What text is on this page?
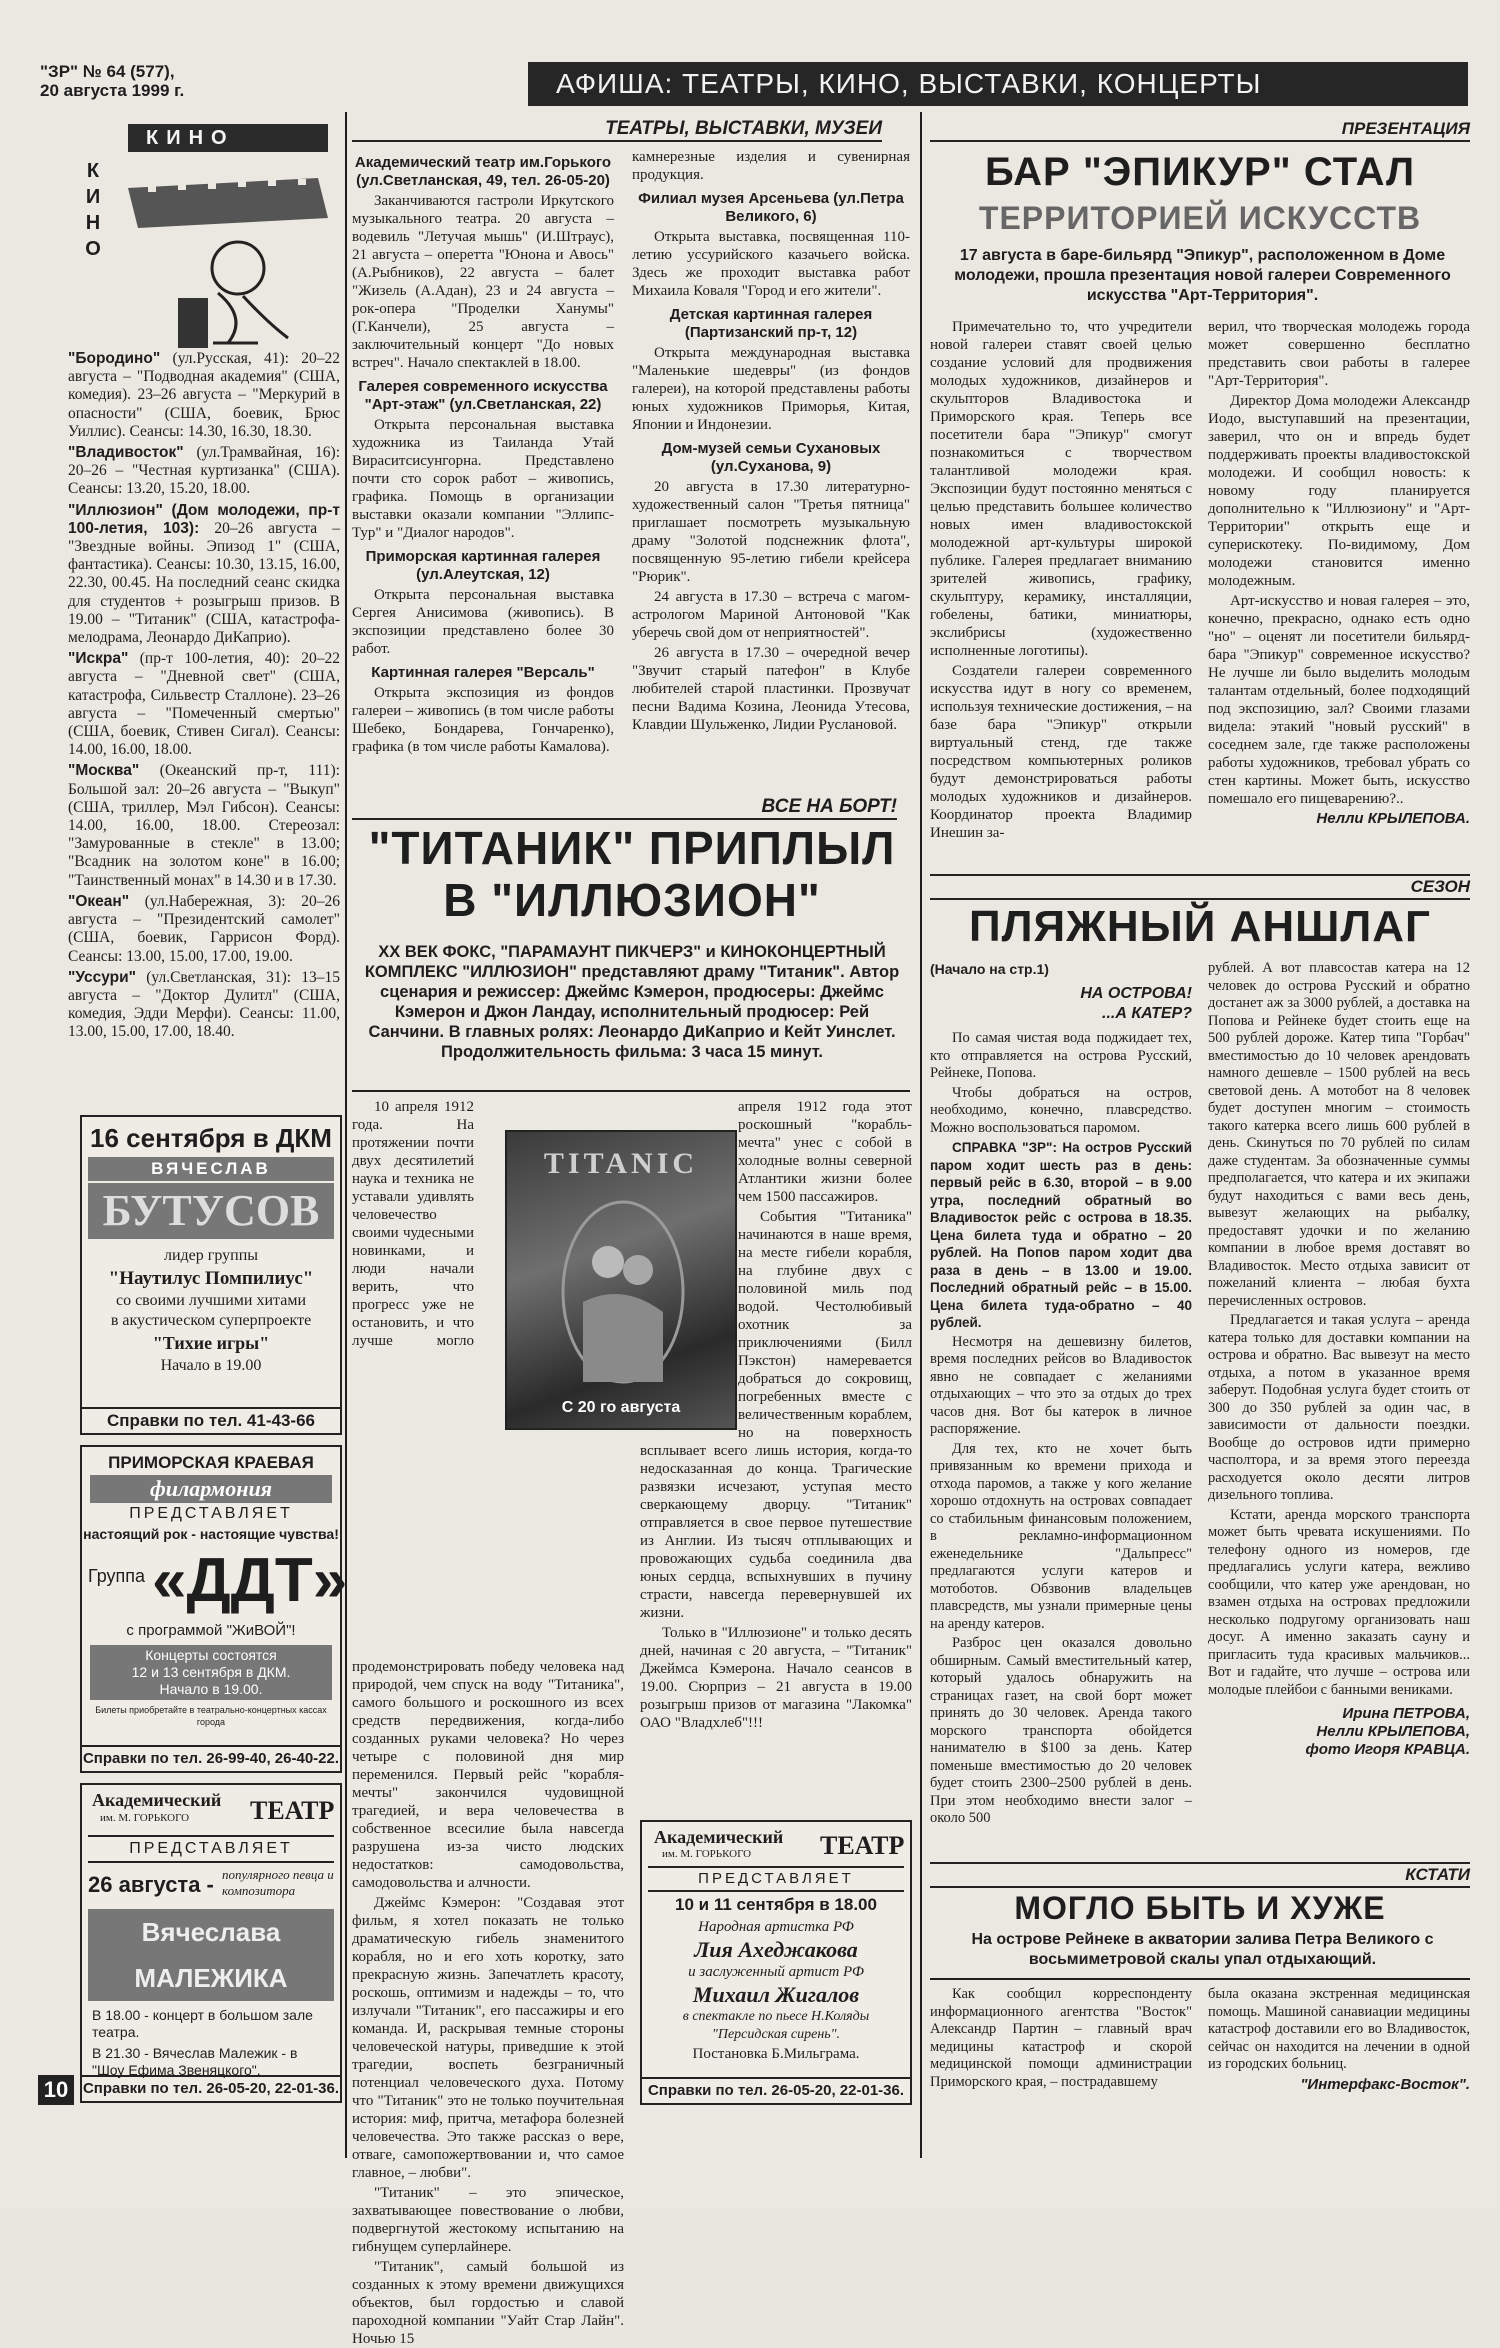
"ЗР" № 64 (577),
20 августа 1999 г.	АФИША: ТЕАТРЫ, КИНО, ВЫСТАВКИ, КОНЦЕРТЫ
КИНО
КИНО

"Бородино" (ул.Русская, 41): 20–22 августа – "Подводная академия" (США, комедия). 23–26 августа – "Меркурий в опасности" (США, боевик, Брюс Уиллис). Сеансы: 14.30, 16.30, 18.30.

"Владивосток" (ул.Трамвайная, 16): 20–26 – "Честная куртизанка" (США). Сеансы: 13.20, 15.20, 18.00.

"Иллюзион" (Дом молодежи, пр-т 100-летия, 103): 20–26 августа – "Звездные войны. Эпизод 1" (США, фантастика). Сеансы: 10.30, 13.15, 16.00, 22.30, 00.45. На последний сеанс скидка для студентов + розыгрыш призов. В 19.00 – "Титаник" (США, катастрофа-мелодрама, Леонардо ДиКаприо).

"Искра" (пр-т 100-летия, 40): 20–22 августа – "Дневной свет" (США, катастрофа, Сильвестр Сталлоне). 23–26 августа – "Помеченный смертью" (США, боевик, Стивен Сигал). Сеансы: 14.00, 16.00, 18.00.

"Москва" (Океанский пр-т, 111): Большой зал: 20–26 августа – "Выкуп" (США, триллер, Мэл Гибсон). Сеансы: 14.00, 16.00, 18.00. Стереозал: "Замурованные в стекле" в 13.00; "Всадник на золотом коне" в 16.00; "Таинственный монах" в 14.30 и в 17.30.

"Океан" (ул.Набережная, 3): 20–26 августа – "Президентский самолет" (США, боевик, Гаррисон Форд). Сеансы: 13.00, 15.00, 17.00, 19.00.

"Уссури" (ул.Светланская, 31): 13–15 августа – "Доктор Дулитл" (США, комедия, Эдди Мерфи). Сеансы: 11.00, 13.00, 15.00, 17.00, 18.40.

16 сентября в ДКМ
ВЯЧЕСЛАВ
БУТУСОВ
лидер группы
"Наутилус Помпилиус"
со своими лучшими хитами
в акустическом суперпроекте
"Тихие игры"
Начало в 19.00
Справки по тел. 41-43-66
ПРИМОРСКАЯ КРАЕВАЯ
филармония
ПРЕДСТАВЛЯЕТ
настоящий рок - настоящие чувства!
Группа «ДДТ»
с программой "ЖиВОЙ"!
Концерты состоятся
12 и 13 сентября в ДКМ.
Начало в 19.00.
Билеты приобретайте в театрально-концертных кассах города
Справки по тел. 26-99-40, 26-40-22.
Академический
им. М. ГОРЬКОГО ТЕАТР
ПРЕДСТАВЛЯЕТ
26 августа - популярного певца и композитора
Вячеслава МАЛЕЖИКА
В 18.00 - концерт в большом зале театра.
В 21.30 - Вячеслав Малежик - в "Шоу Ефима Звеняцкого".
Справки по тел. 26-05-20, 22-01-36.
10
ТЕАТРЫ, ВЫСТАВКИ, МУЗЕИ

Академический театр им.Горького (ул.Светланская, 49, тел. 26-05-20)

Заканчиваются гастроли Иркутского музыкального театра. 20 августа – водевиль "Летучая мышь" (И.Штраус), 21 августа – оперетта "Юнона и Авось" (А.Рыбников), 22 августа – балет "Жизель (А.Адан), 23 и 24 августа – рок-опера "Проделки Ханумы" (Г.Канчели), 25 августа – заключительный концерт "До новых встреч". Начало спектаклей в 18.00.

Галерея современного искусства "Арт-этаж" (ул.Светланская, 22)

Открыта персональная выставка художника из Таиланда Утай Вираситсисунгорна. Представлено почти сто сорок работ – живопись, графика. Помощь в организации выставки оказали компании "Эллипс-Тур" и "Диалог народов".

Приморская картинная галерея (ул.Алеутская, 12)

Открыта персональная выставка Сергея Анисимова (живопись). В экспозиции представлено более 30 работ.

Картинная галерея "Версаль"

Открыта экспозиция из фондов галереи – живопись (в том числе работы Шебеко, Бондарева, Гончаренко), графика (в том числе работы Камалова).

камнерезные изделия и сувенирная продукция.

Филиал музея Арсеньева (ул.Петра Великого, 6)

Открыта выставка, посвященная 110-летию уссурийского казачьего войска. Здесь же проходит выставка работ Михаила Коваля "Город и его жители".

Детская картинная галерея (Партизанский пр-т, 12)

Открыта международная выставка "Маленькие шедевры" (из фондов галереи), на которой представлены работы юных художников Приморья, Китая, Японии и Индонезии.

Дом-музей семьи Сухановых (ул.Суханова, 9)

20 августа в 17.30 литературно-художественный салон "Третья пятница" приглашает посмотреть музыкальную драму "Золотой подснежник флота", посвященную 95-летию гибели крейсера "Рюрик".

24 августа в 17.30 – встреча с магом-астрологом Мариной Антоновой "Как уберечь свой дом от неприятностей".

26 августа в 17.30 – очередной вечер "Звучит старый патефон" в Клубе любителей старой пластинки. Прозвучат песни Вадима Козина, Леонида Утесова, Клавдии Шульженко, Лидии Руслановой.

ВСЕ НА БОРТ!
"ТИТАНИК" ПРИПЛЫЛ
В "ИЛЛЮЗИОН"
XX ВЕК ФОКС, "ПАРАМАУНТ ПИКЧЕРЗ" и КИНОКОНЦЕРТНЫЙ КОМПЛЕКС "ИЛЛЮЗИОН" представляют драму "Титаник". Автор сценария и режиссер: Джеймс Кэмерон, продюсеры: Джеймс Кэмерон и Джон Ландау, исполнительный продюсер: Рей Санчини. В главных ролях: Леонардо ДиКаприо и Кейт Уинслет. Продолжительность фильма: 3 часа 15 минут.

10 апреля 1912 года. На протяжении почти двух десятилетий наука и техника не уставали удивлять человечество своими чудесными новинками, и люди начали верить, что прогресс уже не остановить, и что лучше могло продемонстрировать победу человека над природой, чем спуск на воду "Титаника", самого большого и роскошного из всех средств передвижения, когда-либо созданных руками человека? Но через четыре с половиной дня мир переменился. Первый рейс "корабля-мечты" закончился чудовищной трагедией, и вера человечества в собственное всесилие была навсегда разрушена из-за чисто людских недостатков: самодовольства, самодовольства и алчности.

Джеймс Кэмерон: "Создавая этот фильм, я хотел показать не только драматическую гибель знаменитого корабля, но и его хоть коротку, зато прекрасную жизнь. Запечатлеть красоту, роскошь, оптимизм и надежды – то, что излучали "Титаник", его пассажиры и его команда. И, раскрывая темные стороны человеческой натуры, приведшие к этой трагедии, воспеть безграничный потенциал человеческого духа. Потому что "Титаник" это не только поучительная история: миф, притча, метафора болезней человечества. Это также рассказ о вере, отваге, самопожертвовании и, что самое главное, – любви".

"Титаник" – это эпическое, захватывающее повествование о любви, подвергнутой жестокому испытанию на гибнущем суперлайнере.

"Титаник", самый большой из созданных к этому времени движущихся объектов, был гордостью и славой пароходной компании "Уайт Стар Лайн". Ночью 15

TITANIC
С 20 го августа

апреля 1912 года этот роскошный "корабль-мечта" унес с собой в холодные волны северной Атлантики жизни более чем 1500 пассажиров.

События "Титаника" начинаются в наше время, на месте гибели корабля, на глубине двух с половиной миль под водой. Честолюбивый охотник за приключениями (Билл Пэкстон) намеревается добраться до сокровищ, погребенных вместе с величественным кораблем, но на поверхность всплывает всего лишь история, когда-то недосказанная до конца. Трагические развязки исчезают, уступая место сверкающему дворцу. "Титаник" отправляется в свое первое путешествие из Англии. Из тысяч отплывающих и провожающих судьба соединила два юных сердца, вспыхнувших в пучину страсти, навсегда перевернувшей их жизни.

Только в "Иллюзионе" и только десять дней, начиная с 20 августа, – "Титаник" Джеймса Кэмерона. Начало сеансов в 19.00. Сюрприз – 21 августа в 19.00 розыгрыш призов от магазина "Лакомка" ОАО "Владхлеб"!!!

Академический
им. М. ГОРЬКОГО	ТЕАТР
ПРЕДСТАВЛЯЕТ
10 и 11 сентября в 18.00
Народная артистка РФ
Лия Ахеджакова
и заслуженный артист РФ
Михаил Жигалов
в спектакле по пьесе Н.Коляды
"Персидская сирень".
Постановка Б.Мильграма.
Справки по тел. 26-05-20, 22-01-36.
ПРЕЗЕНТАЦИЯ
БАР "ЭПИКУР" СТАЛ
ТЕРРИТОРИЕЙ ИСКУССТВ
17 августа в баре-бильярд "Эпикур", расположенном в Доме молодежи, прошла презентация новой галереи Современного искусства "Арт-Территория".

Примечательно то, что учредители новой галереи ставят своей целью создание условий для продвижения молодых художников, дизайнеров и скульпторов Владивостока и Приморского края. Теперь все посетители бара "Эпикур" смогут познакомиться с творчеством талантливой молодежи края. Экспозиции будут постоянно меняться с целью представить большее количество новых имен владивостокской молодежной арт-культуры широкой публике. Галерея предлагает вниманию зрителей живопись, графику, скульптуру, керамику, инсталляции, гобелены, батики, миниатюры, экслибрисы (художественно исполненные логотипы).

Создатели галереи современного искусства идут в ногу со временем, используя технические достижения, – на базе бара "Эпикур" открыли виртуальный стенд, где также посредством компьютерных роликов будут демонстрироваться работы молодых художников и дизайнеров. Координатор проекта Владимир Инешин за-

верил, что творческая молодежь города может совершенно бесплатно представить свои работы в галерее "Арт-Территория".

Директор Дома молодежи Александр Иодо, выступавший на презентации, заверил, что он и впредь будет поддерживать проекты владивостокской молодежи. И сообщил новость: к новому году планируется дополнительно к "Иллюзиону" и "Арт-Территории" открыть еще и суперискотеку. По-видимому, Дом молодежи становится именно молодежным.

Арт-искусство и новая галерея – это, конечно, прекрасно, однако есть одно "но" – оценят ли посетители бильярд-бара "Эпикур" современное искусство? Не лучше ли было выделить молодым талантам отдельный, более подходящий под экспозицию, зал? Своими глазами видела: этакий "новый русский" в соседнем зале, где также расположены работы художников, требовал убрать со стен картины. Может быть, искусство помешало его пищеварению?..

Нелли КРЫЛЕПОВА.
СЕЗОН
ПЛЯЖНЫЙ АНШЛАГ
(Начало на стр.1)
НА ОСТРОВА!
...А КАТЕР?

По самая чистая вода поджидает тех, кто отправляется на острова Русский, Рейнеке, Попова.

Чтобы добраться на остров, необходимо, конечно, плавсредство. Можно воспользоваться паромом.

СПРАВКА "ЗР": На остров Русский паром ходит шесть раз в день: первый рейс в 6.30, второй – в 9.00 утра, последний обратный во Владивосток рейс с острова в 18.35. Цена билета туда и обратно – 20 рублей. На Попов паром ходит два раза в день – в 13.00 и 19.00. Последний обратный рейс – в 15.00. Цена билета туда-обратно – 40 рублей.

Несмотря на дешевизну билетов, время последних рейсов во Владивосток явно не совпадает с желаниями отдыхающих – что это за отдых до трех часов дня. Вот бы катерок в личное распоряжение.

Для тех, кто не хочет быть привязанным ко времени прихода и отхода паромов, а также у кого желание хорошо отдохнуть на островах совпадает со стабильным финансовым положением, в рекламно-информационном еженедельнике "Дальпресс" предлагаются услуги катеров и мотоботов. Обзвонив владельцев плавсредств, мы узнали примерные цены на аренду катеров.

Разброс цен оказался довольно обширным. Самый вместительный катер, который удалось обнаружить на страницах газет, на свой борт может принять до 30 человек. Аренда такого морского транспорта обойдется нанимателю в $100 за день. Катер поменьше вместимостью до 20 человек будет стоить 2300–2500 рублей в день. При этом необходимо внести залог – около 500

рублей. А вот плавсостав катера на 12 человек до острова Русский и обратно достанет аж за 3000 рублей, а доставка на Попова и Рейнеке будет стоить еще на 500 рублей дороже. Катер типа "Горбач" вместимостью до 10 человек арендовать намного дешевле – 1500 рублей на весь световой день. А мотобот на 8 человек будет доступен многим – стоимость такого катерка всего лишь 600 рублей в день. Скинуться по 70 рублей по силам даже студентам. За обозначенные суммы предполагается, что катера и их экипажи будут находиться с вами весь день, вывезут желающих на рыбалку, предоставят удочки и по желанию компании в любое время доставят во Владивосток. Место отдыха зависит от пожеланий клиента – любая бухта перечисленных островов.

Предлагается и такая услуга – аренда катера только для доставки компании на острова и обратно. Вас вывезут на место отдыха, а потом в указанное время заберут. Подобная услуга будет стоить от 300 до 350 рублей за один час, в зависимости от дальности поездки. Вообще до островов идти примерно часполтора, и за время этого переезда расходуется около десяти литров дизельного топлива.

Кстати, аренда морского транспорта может быть чревата искушениями. По телефону одного из номеров, где предлагались услуги катера, вежливо сообщили, что катер уже арендован, но взамен отдыха на островах предложили несколько подругому организовать наш досуг. А именно заказать сауну и пригласить туда красивых мальчиков... Вот и гадайте, что лучше – острова или молодые плейбои с банными вениками.

Ирина ПЕТРОВА,
Нелли КРЫЛЕПОВА,
фото Игоря КРАВЦА.
КСТАТИ
МОГЛО БЫТЬ И ХУЖЕ
На острове Рейнеке в акватории залива Петра Великого с восьмиметровой скалы упал отдыхающий.

Как сообщил корреспонденту информационного агентства "Восток" Александр Партин – главный врач медицины катастроф и скорой медицинской помощи администрации Приморского края, – пострадавшему

была оказана экстренная медицинская помощь. Машиной санавиации медицины катастроф доставили его во Владивосток, сейчас он находится на лечении в одной из городских больниц.

"Интерфакс-Восток".
